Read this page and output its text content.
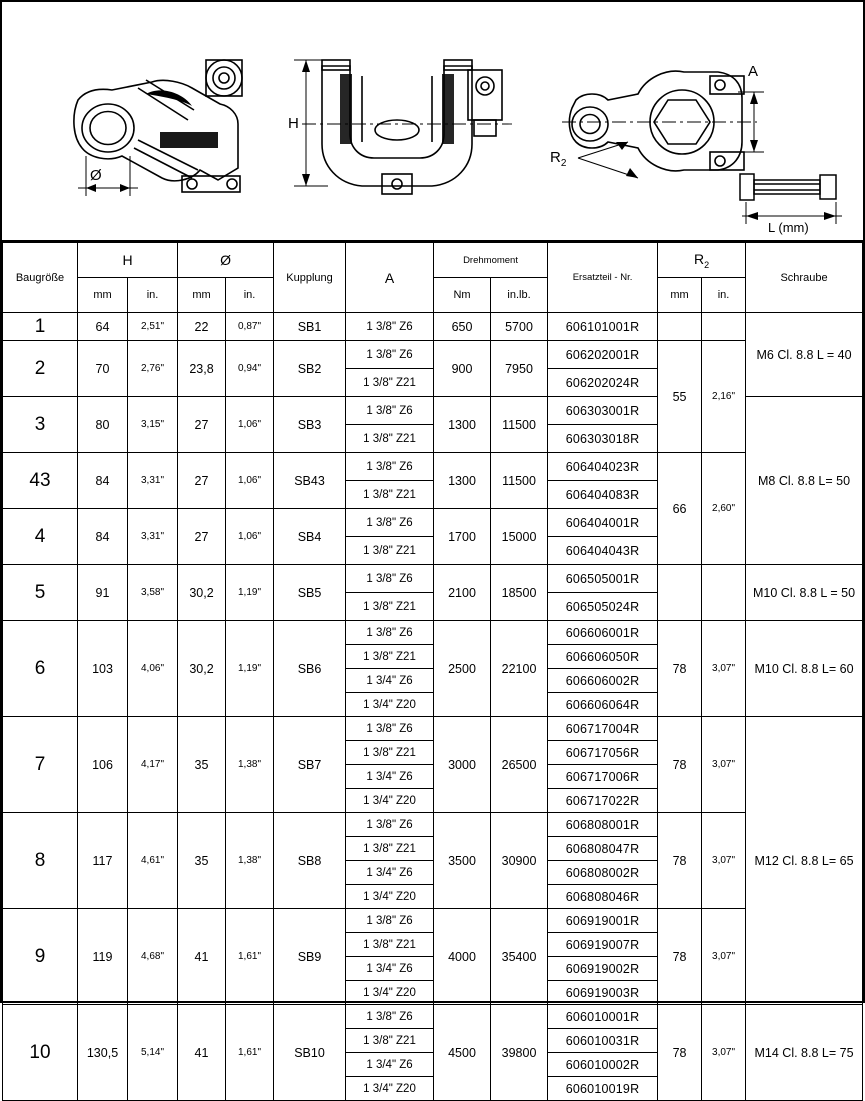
Ø
H
A
$R_2$
L (mm)
Baugröße	H		Ø		Kupplung	A	Drehmoment		Ersatzteil - Nr.	$R_2$		Schraube
	mm	in.	mm	in.			Nm	in.lb.		mm	in.	
1	64	2,51"	22	0,87"	SB1	1 3/8" Z6	650	5700	606101001R			M6 Cl. 8.8 L = 40
2	70	2,76"	23,8	0,94"	SB2	1 3/8" Z6	900	7950	606202001R	55	2,16"	
						1 3/8" Z21			606202024R			
3	80	3,15"	27	1,06"	SB3	1 3/8" Z6	1300	11500	606303001R			M8 Cl. 8.8 L= 50
						1 3/8" Z21			606303018R			
43	84	3,31"	27	1,06"	SB43	1 3/8" Z6	1300	11500	606404023R	66	2,60"	
						1 3/8" Z21			606404083R			
4	84	3,31"	27	1,06"	SB4	1 3/8" Z6	1700	15000	606404001R			
						1 3/8" Z21			606404043R			
5	91	3,58"	30,2	1,19"	SB5	1 3/8" Z6	2100	18500	606505001R			M10 Cl. 8.8 L = 50
						1 3/8" Z21			606505024R			
6	103	4,06"	30,2	1,19"	SB6	1 3/8" Z6	2500	22100	606606001R	78	3,07"	M10 Cl. 8.8 L= 60
						1 3/8" Z21			606606050R			
						1 3/4" Z6			606606002R			
						1 3/4" Z20			606606064R			
7	106	4,17"	35	1,38"	SB7	1 3/8" Z6	3000	26500	606717004R	78	3,07"	M12 Cl. 8.8 L= 65
						1 3/8" Z21			606717056R			
						1 3/4" Z6			606717006R			
						1 3/4" Z20			606717022R			
8	117	4,61"	35	1,38"	SB8	1 3/8" Z6	3500	30900	606808001R	78	3,07"	
						1 3/8" Z21			606808047R			
						1 3/4" Z6			606808002R			
						1 3/4" Z20			606808046R			
9	119	4,68"	41	1,61"	SB9	1 3/8" Z6	4000	35400	606919001R	78	3,07"	
						1 3/8" Z21			606919007R			
						1 3/4" Z6			606919002R			
						1 3/4" Z20			606919003R			
10	130,5	5,14"	41	1,61"	SB10	1 3/8" Z6	4500	39800	606010001R	78	3,07"	M14 Cl. 8.8 L= 75
						1 3/8" Z21			606010031R			
						1 3/4" Z6			606010002R			
						1 3/4" Z20			606010019R			
